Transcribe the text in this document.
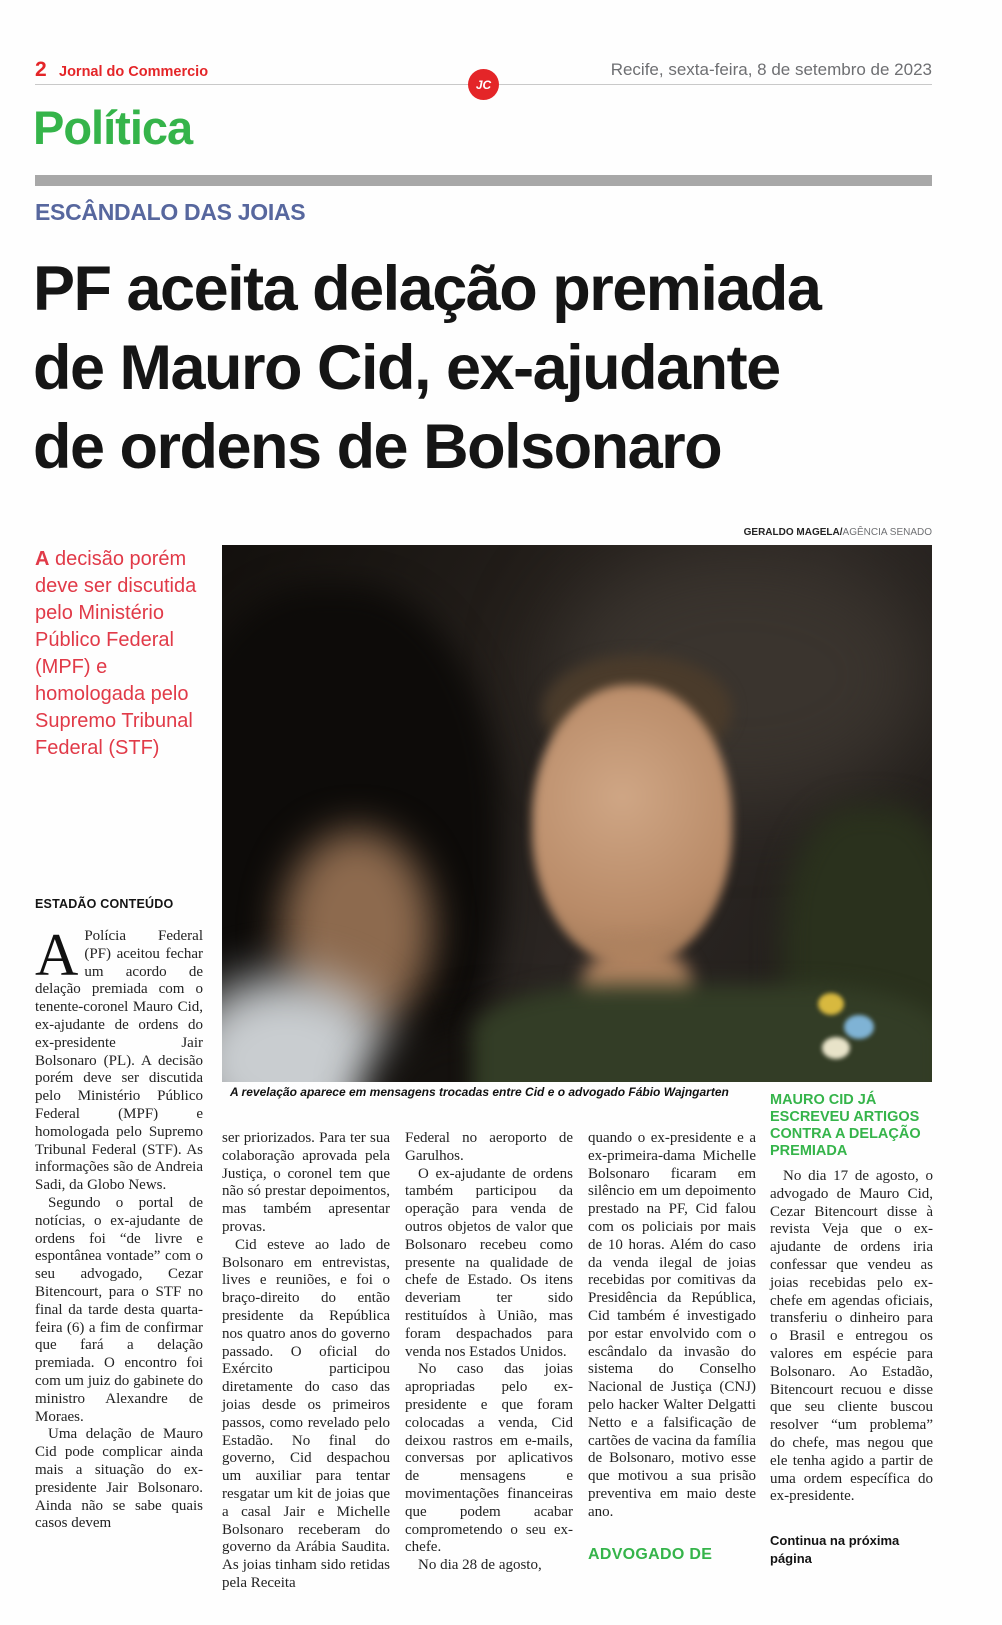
2 Jornal do Commercio
JC
Recife, sexta-feira, 8 de setembro de 2023
Política
ESCÂNDALO DAS JOIAS
PF aceita delação premiada
de Mauro Cid, ex-ajudante
de ordens de Bolsonaro
GERALDO MAGELA/AGÊNCIA SENADO
A decisão porém deve ser discutida pelo Ministério Público Federal (MPF) e homologada pelo Supremo Tribunal Federal (STF)
A revelação aparece em mensagens trocadas entre Cid e o advogado Fábio Wajngarten
ESTADÃO CONTEÚDO

A Polícia Federal (PF) aceitou fechar um acordo de delação premiada com o tenente-coronel Mauro Cid, ex-ajudante de ordens do ex-presidente Jair Bolsonaro (PL). A decisão porém deve ser discutida pelo Ministério Público Federal (MPF) e homologada pelo Supremo Tribunal Federal (STF). As informações são de Andreia Sadi, da Globo News.

Segundo o portal de notícias, o ex-ajudante de ordens foi “de livre e espontânea vontade” com o seu advogado, Cezar Bitencourt, para o STF no final da tarde desta quarta-feira (6) a fim de confirmar que fará a delação premiada. O encontro foi com um juiz do gabinete do ministro Alexandre de Moraes.

Uma delação de Mauro Cid pode complicar ainda mais a situação do ex-presidente Jair Bolsonaro. Ainda não se sabe quais casos devem

ser priorizados. Para ter sua colaboração aprovada pela Justiça, o coronel tem que não só prestar depoimentos, mas também apresentar provas.

Cid esteve ao lado de Bolsonaro em entrevistas, lives e reuniões, e foi o braço-direito do então presidente da República nos quatro anos do governo passado. O oficial do Exército participou diretamente do caso das joias desde os primeiros passos, como revelado pelo Estadão. No final do governo, Cid despachou um auxiliar para tentar resgatar um kit de joias que a casal Jair e Michelle Bolsonaro receberam do governo da Arábia Saudita. As joias tinham sido retidas pela Receita

Federal no aeroporto de Garulhos.

O ex-ajudante de ordens também participou da operação para venda de outros objetos de valor que Bolsonaro recebeu como presente na qualidade de chefe de Estado. Os itens deveriam ter sido restituídos à União, mas foram despachados para venda nos Estados Unidos.

No caso das joias apropriadas pelo ex-presidente e que foram colocadas a venda, Cid deixou rastros em e-mails, conversas por aplicativos de mensagens e movimentações financeiras que podem acabar comprometendo o seu ex-chefe.

No dia 28 de agosto,

quando o ex-presidente e a ex-primeira-dama Michelle Bolsonaro ficaram em silêncio em um depoimento prestado na PF, Cid falou com os policiais por mais de 10 horas. Além do caso da venda ilegal de joias recebidas por comitivas da Presidência da República, Cid também é investigado por estar envolvido com o escândalo da invasão do sistema do Conselho Nacional de Justiça (CNJ) pelo hacker Walter Delgatti Netto e a falsificação de cartões de vacina da família de Bolsonaro, motivo esse que motivou a sua prisão preventiva em maio deste ano.

ADVOGADO DE
MAURO CID JÁ ESCREVEU ARTIGOS CONTRA A DELAÇÃO PREMIADA

No dia 17 de agosto, o advogado de Mauro Cid, Cezar Bitencourt disse à revista Veja que o ex-ajudante de ordens iria confessar que vendeu as joias recebidas pelo ex-chefe em agendas oficiais, transferiu o dinheiro para o Brasil e entregou os valores em espécie para Bolsonaro. Ao Estadão, Bitencourt recuou e disse que seu cliente buscou resolver “um problema” do chefe, mas negou que ele tenha agido a partir de uma ordem específica do ex-presidente.

Continua na próxima página
